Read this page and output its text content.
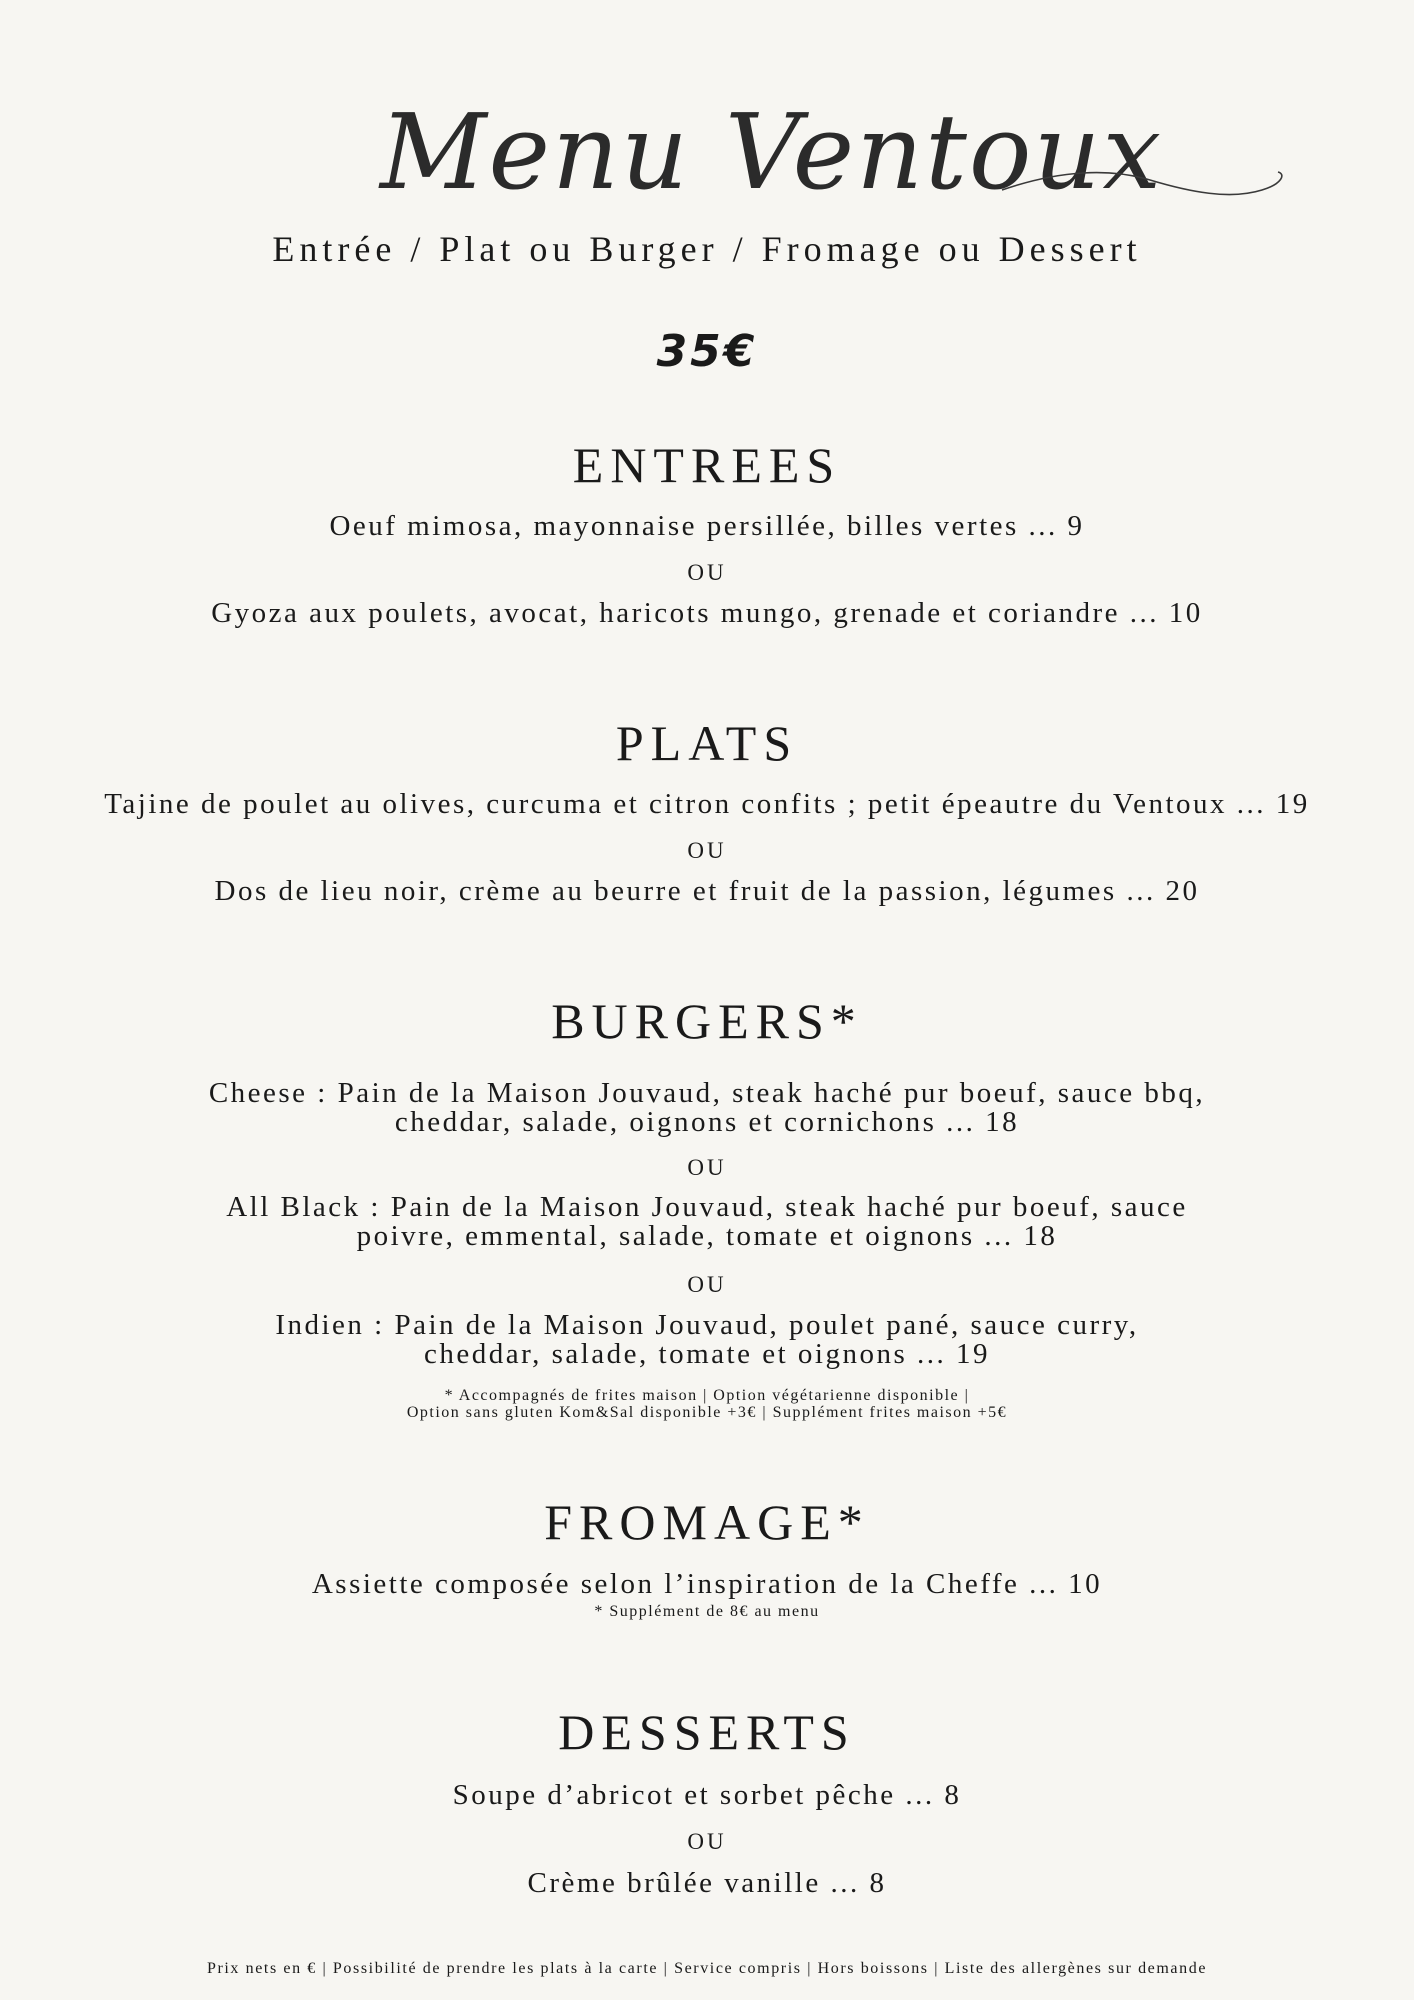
Menu Ventoux
Entrée / Plat ou Burger / Fromage ou Dessert
35€
ENTREES
Oeuf mimosa, mayonnaise persillée, billes vertes ... 9
OU
Gyoza aux poulets, avocat, haricots mungo, grenade et coriandre ... 10
PLATS
Tajine de poulet au olives, curcuma et citron confits ; petit épeautre du Ventoux ... 19
OU
Dos de lieu noir, crème au beurre et fruit de la passion, légumes ... 20
BURGERS*
Cheese : Pain de la Maison Jouvaud, steak haché pur boeuf, sauce bbq,
cheddar, salade, oignons et cornichons ... 18
OU
All Black : Pain de la Maison Jouvaud, steak haché pur boeuf, sauce
poivre, emmental, salade, tomate et oignons ... 18
OU
Indien : Pain de la Maison Jouvaud, poulet pané, sauce curry,
cheddar, salade, tomate et oignons ... 19
* Accompagnés de frites maison | Option végétarienne disponible |
Option sans gluten Kom&Sal disponible +3€ | Supplément frites maison +5€
FROMAGE*
Assiette composée selon l’inspiration de la Cheffe ... 10
* Supplément de 8€ au menu
DESSERTS
Soupe d’abricot et sorbet pêche ... 8
OU
Crème brûlée vanille ... 8
Prix nets en € | Possibilité de prendre les plats à la carte | Service compris | Hors boissons | Liste des allergènes sur demande
